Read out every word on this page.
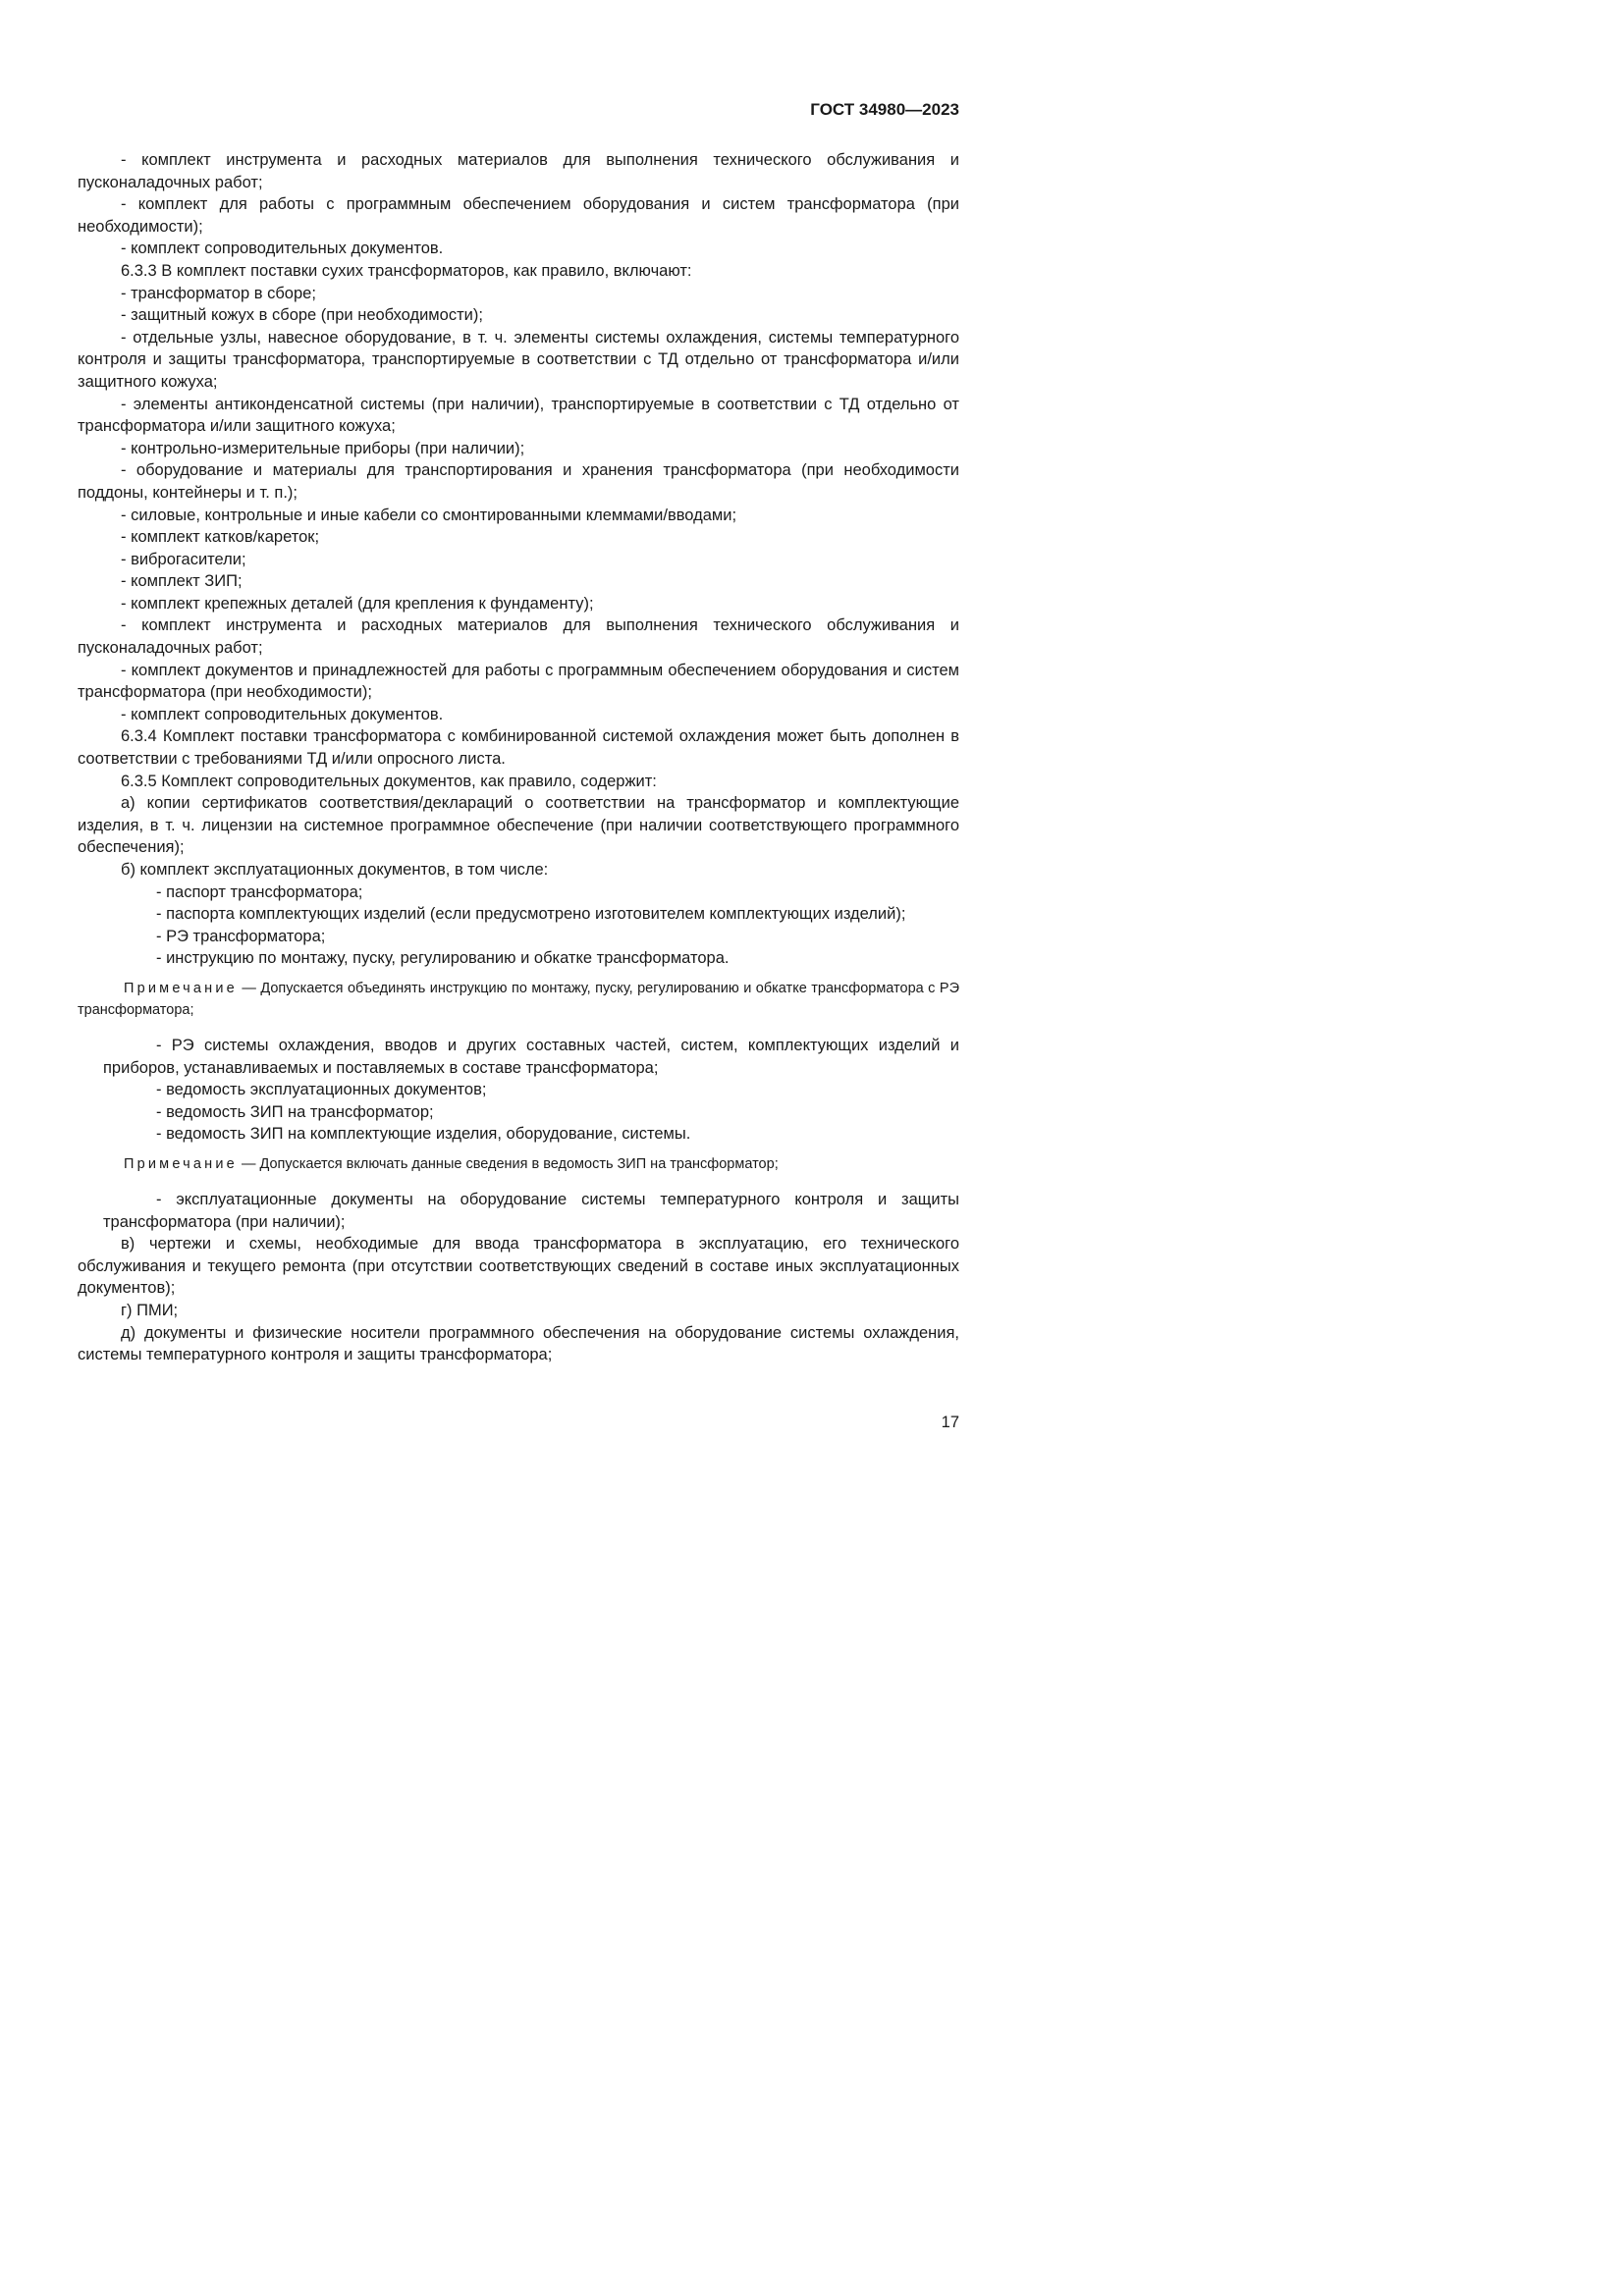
ГОСТ 34980—2023

- комплект инструмента и расходных материалов для выполнения технического обслуживания и пусконаладочных работ;

- комплект для работы с программным обеспечением оборудования и систем трансформатора (при необходимости);

- комплект сопроводительных документов.

6.3.3 В комплект поставки сухих трансформаторов, как правило, включают:

- трансформатор в сборе;

- защитный кожух в сборе (при необходимости);

- отдельные узлы, навесное оборудование, в т. ч. элементы системы охлаждения, системы температурного контроля и защиты трансформатора, транспортируемые в соответствии с ТД отдельно от трансформатора и/или защитного кожуха;

- элементы антиконденсатной системы (при наличии), транспортируемые в соответствии с ТД отдельно от трансформатора и/или защитного кожуха;

- контрольно-измерительные приборы (при наличии);

- оборудование и материалы для транспортирования и хранения трансформатора (при необходимости поддоны, контейнеры и т. п.);

- силовые, контрольные и иные кабели со смонтированными клеммами/вводами;

- комплект катков/кареток;

- виброгасители;

- комплект ЗИП;

- комплект крепежных деталей (для крепления к фундаменту);

- комплект инструмента и расходных материалов для выполнения технического обслуживания и пусконаладочных работ;

- комплект документов и принадлежностей для работы с программным обеспечением оборудования и систем трансформатора (при необходимости);

- комплект сопроводительных документов.

6.3.4 Комплект поставки трансформатора с комбинированной системой охлаждения может быть дополнен в соответствии с требованиями ТД и/или опросного листа.

6.3.5 Комплект сопроводительных документов, как правило, содержит:

а) копии сертификатов соответствия/деклараций о соответствии на трансформатор и комплектующие изделия, в т. ч. лицензии на системное программное обеспечение (при наличии соответствующего программного обеспечения);

б) комплект эксплуатационных документов, в том числе:

- паспорт трансформатора;

- паспорта комплектующих изделий (если предусмотрено изготовителем комплектующих изделий);

- РЭ трансформатора;

- инструкцию по монтажу, пуску, регулированию и обкатке трансформатора.

Примечание — Допускается объединять инструкцию по монтажу, пуску, регулированию и обкатке трансформатора с РЭ трансформатора;

- РЭ системы охлаждения, вводов и других составных частей, систем, комплектующих изделий и приборов, устанавливаемых и поставляемых в составе трансформатора;

- ведомость эксплуатационных документов;

- ведомость ЗИП на трансформатор;

- ведомость ЗИП на комплектующие изделия, оборудование, системы.

Примечание — Допускается включать данные сведения в ведомость ЗИП на трансформатор;

- эксплуатационные документы на оборудование системы температурного контроля и защиты трансформатора (при наличии);

в) чертежи и схемы, необходимые для ввода трансформатора в эксплуатацию, его технического обслуживания и текущего ремонта (при отсутствии соответствующих сведений в составе иных эксплуатационных документов);

г) ПМИ;

д) документы и физические носители программного обеспечения на оборудование системы охлаждения, системы температурного контроля и защиты трансформатора;

17
